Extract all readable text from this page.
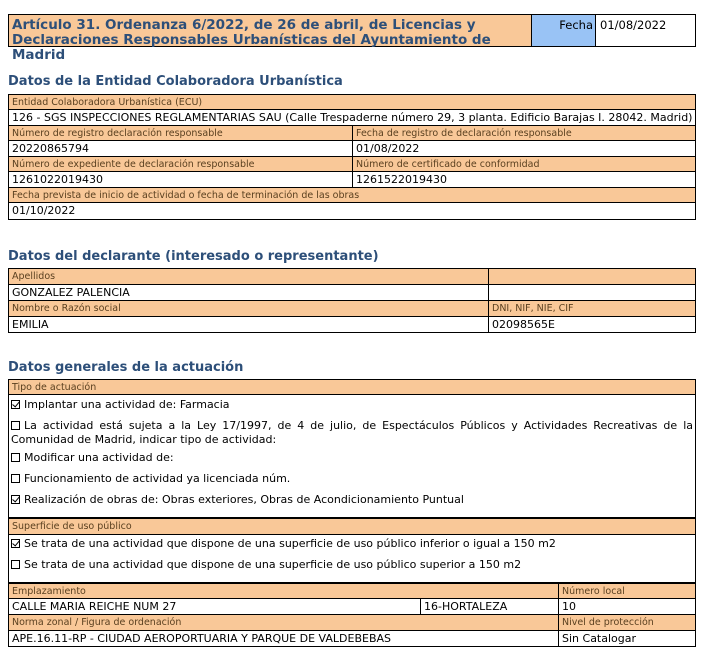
Artículo 31. Ordenanza 6/2022, de 26 de abril, de Licencias y Declaraciones Responsables Urbanísticas del Ayuntamiento de Madrid
Fecha 01/08/2022
Datos de la Entidad Colaboradora Urbanística
Entidad Colaboradora Urbanística (ECU)
126 - SGS INSPECCIONES REGLAMENTARIAS SAU (Calle Trespaderne número 29, 3 planta. Edificio Barajas I. 28042. Madrid)
Número de registro declaración responsable	Fecha de registro de declaración responsable
20220865794	01/08/2022
Número de expediente de declaración responsable	Número de certificado de conformidad
1261022019430	1261522019430
Fecha prevista de inicio de actividad o fecha de terminación de las obras
01/10/2022
Datos del declarante (interesado o representante)
Apellidos
GONZALEZ PALENCIA
Nombre o Razón social	DNI, NIF, NIE, CIF
EMILIA	02098565E
Datos generales de la actuación
Tipo de actuación
Implantar una actividad de: Farmacia
La actividad está sujeta a la Ley 17/1997, de 4 de julio, de Espectáculos Públicos y Actividades Recreativas de la Comunidad de Madrid, indicar tipo de actividad:
Modificar una actividad de:
Funcionamiento de actividad ya licenciada núm.
Realización de obras de: Obras exteriores, Obras de Acondicionamiento Puntual
Superficie de uso público
Se trata de una actividad que dispone de una superficie de uso público inferior o igual a 150 m2
Se trata de una actividad que dispone de una superficie de uso público superior a 150 m2
Emplazamiento	Número local
CALLE MARIA REICHE NUM 27	16-HORTALEZA	10
Norma zonal / Figura de ordenación	Nivel de protección
APE.16.11-RP - CIUDAD AEROPORTUARIA Y PARQUE DE VALDEBEBAS	Sin Catalogar
